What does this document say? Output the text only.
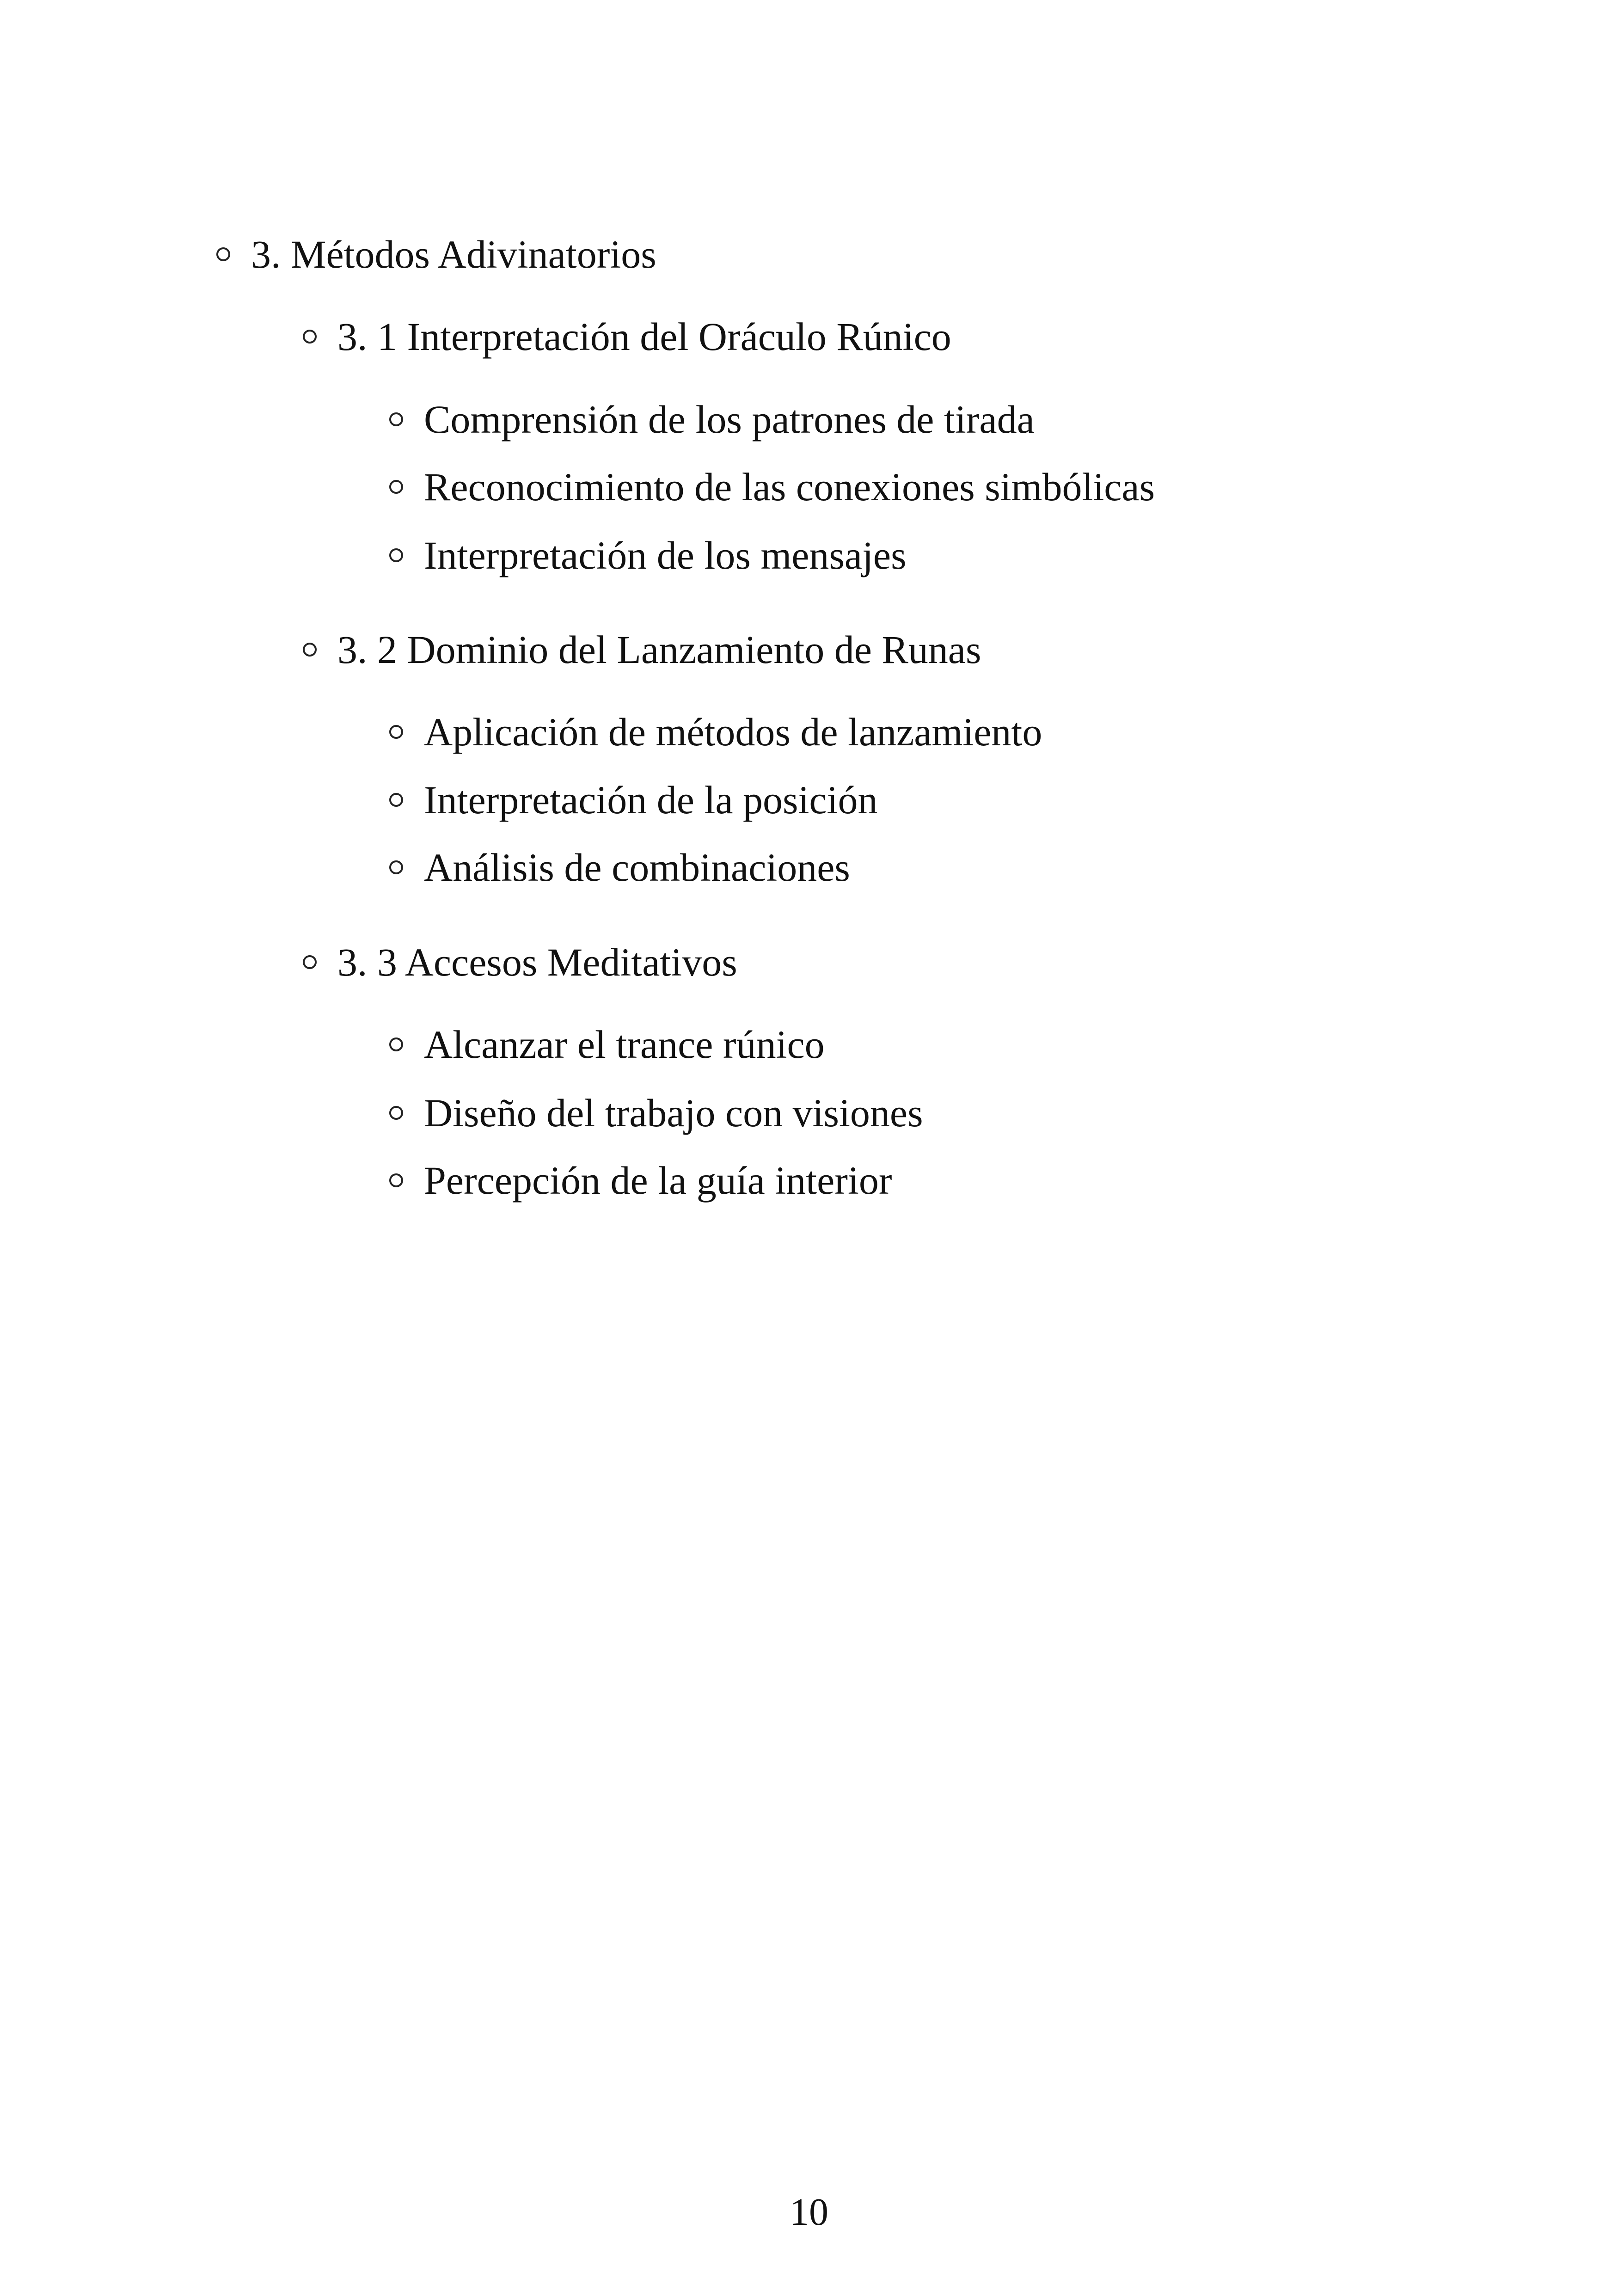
3. Métodos Adivinatorios
3. 1 Interpretación del Oráculo Rúnico
Comprensión de los patrones de tirada
Reconocimiento de las conexiones simbólicas
Interpretación de los mensajes
3. 2 Dominio del Lanzamiento de Runas
Aplicación de métodos de lanzamiento
Interpretación de la posición
Análisis de combinaciones
3. 3 Accesos Meditativos
Alcanzar el trance rúnico
Diseño del trabajo con visiones
Percepción de la guía interior
10
